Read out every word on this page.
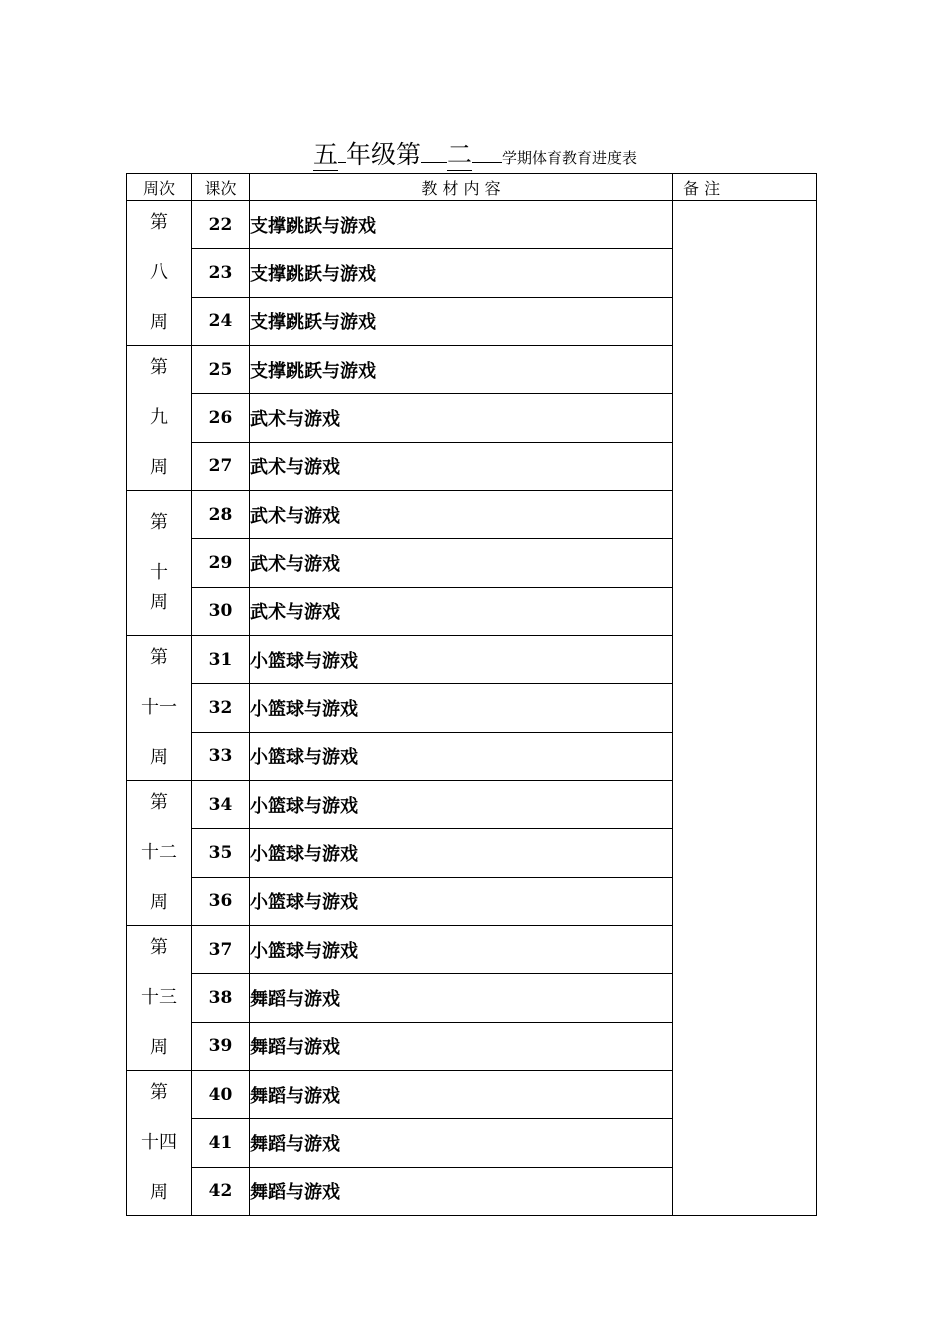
五 年级第 二 学期体育教育进度表
周次	课次	教 材 内 容	备 注

第
八
周	22	支撑跳跃与游戏	
	23	支撑跳跃与游戏	
	24	支撑跳跃与游戏	

第
九
周	25	支撑跳跃与游戏	
	26	武术与游戏	
	27	武术与游戏	

第
十
周	28	武术与游戏	
	29	武术与游戏	
	30	武术与游戏	

第
十一
周	31	小篮球与游戏	
	32	小篮球与游戏	
	33	小篮球与游戏	

第
十二
周	34	小篮球与游戏	
	35	小篮球与游戏	
	36	小篮球与游戏	

第
十三
周	37	小篮球与游戏	
	38	舞蹈与游戏	
	39	舞蹈与游戏	

第
十四
周	40	舞蹈与游戏	
	41	舞蹈与游戏	
	42	舞蹈与游戏	
